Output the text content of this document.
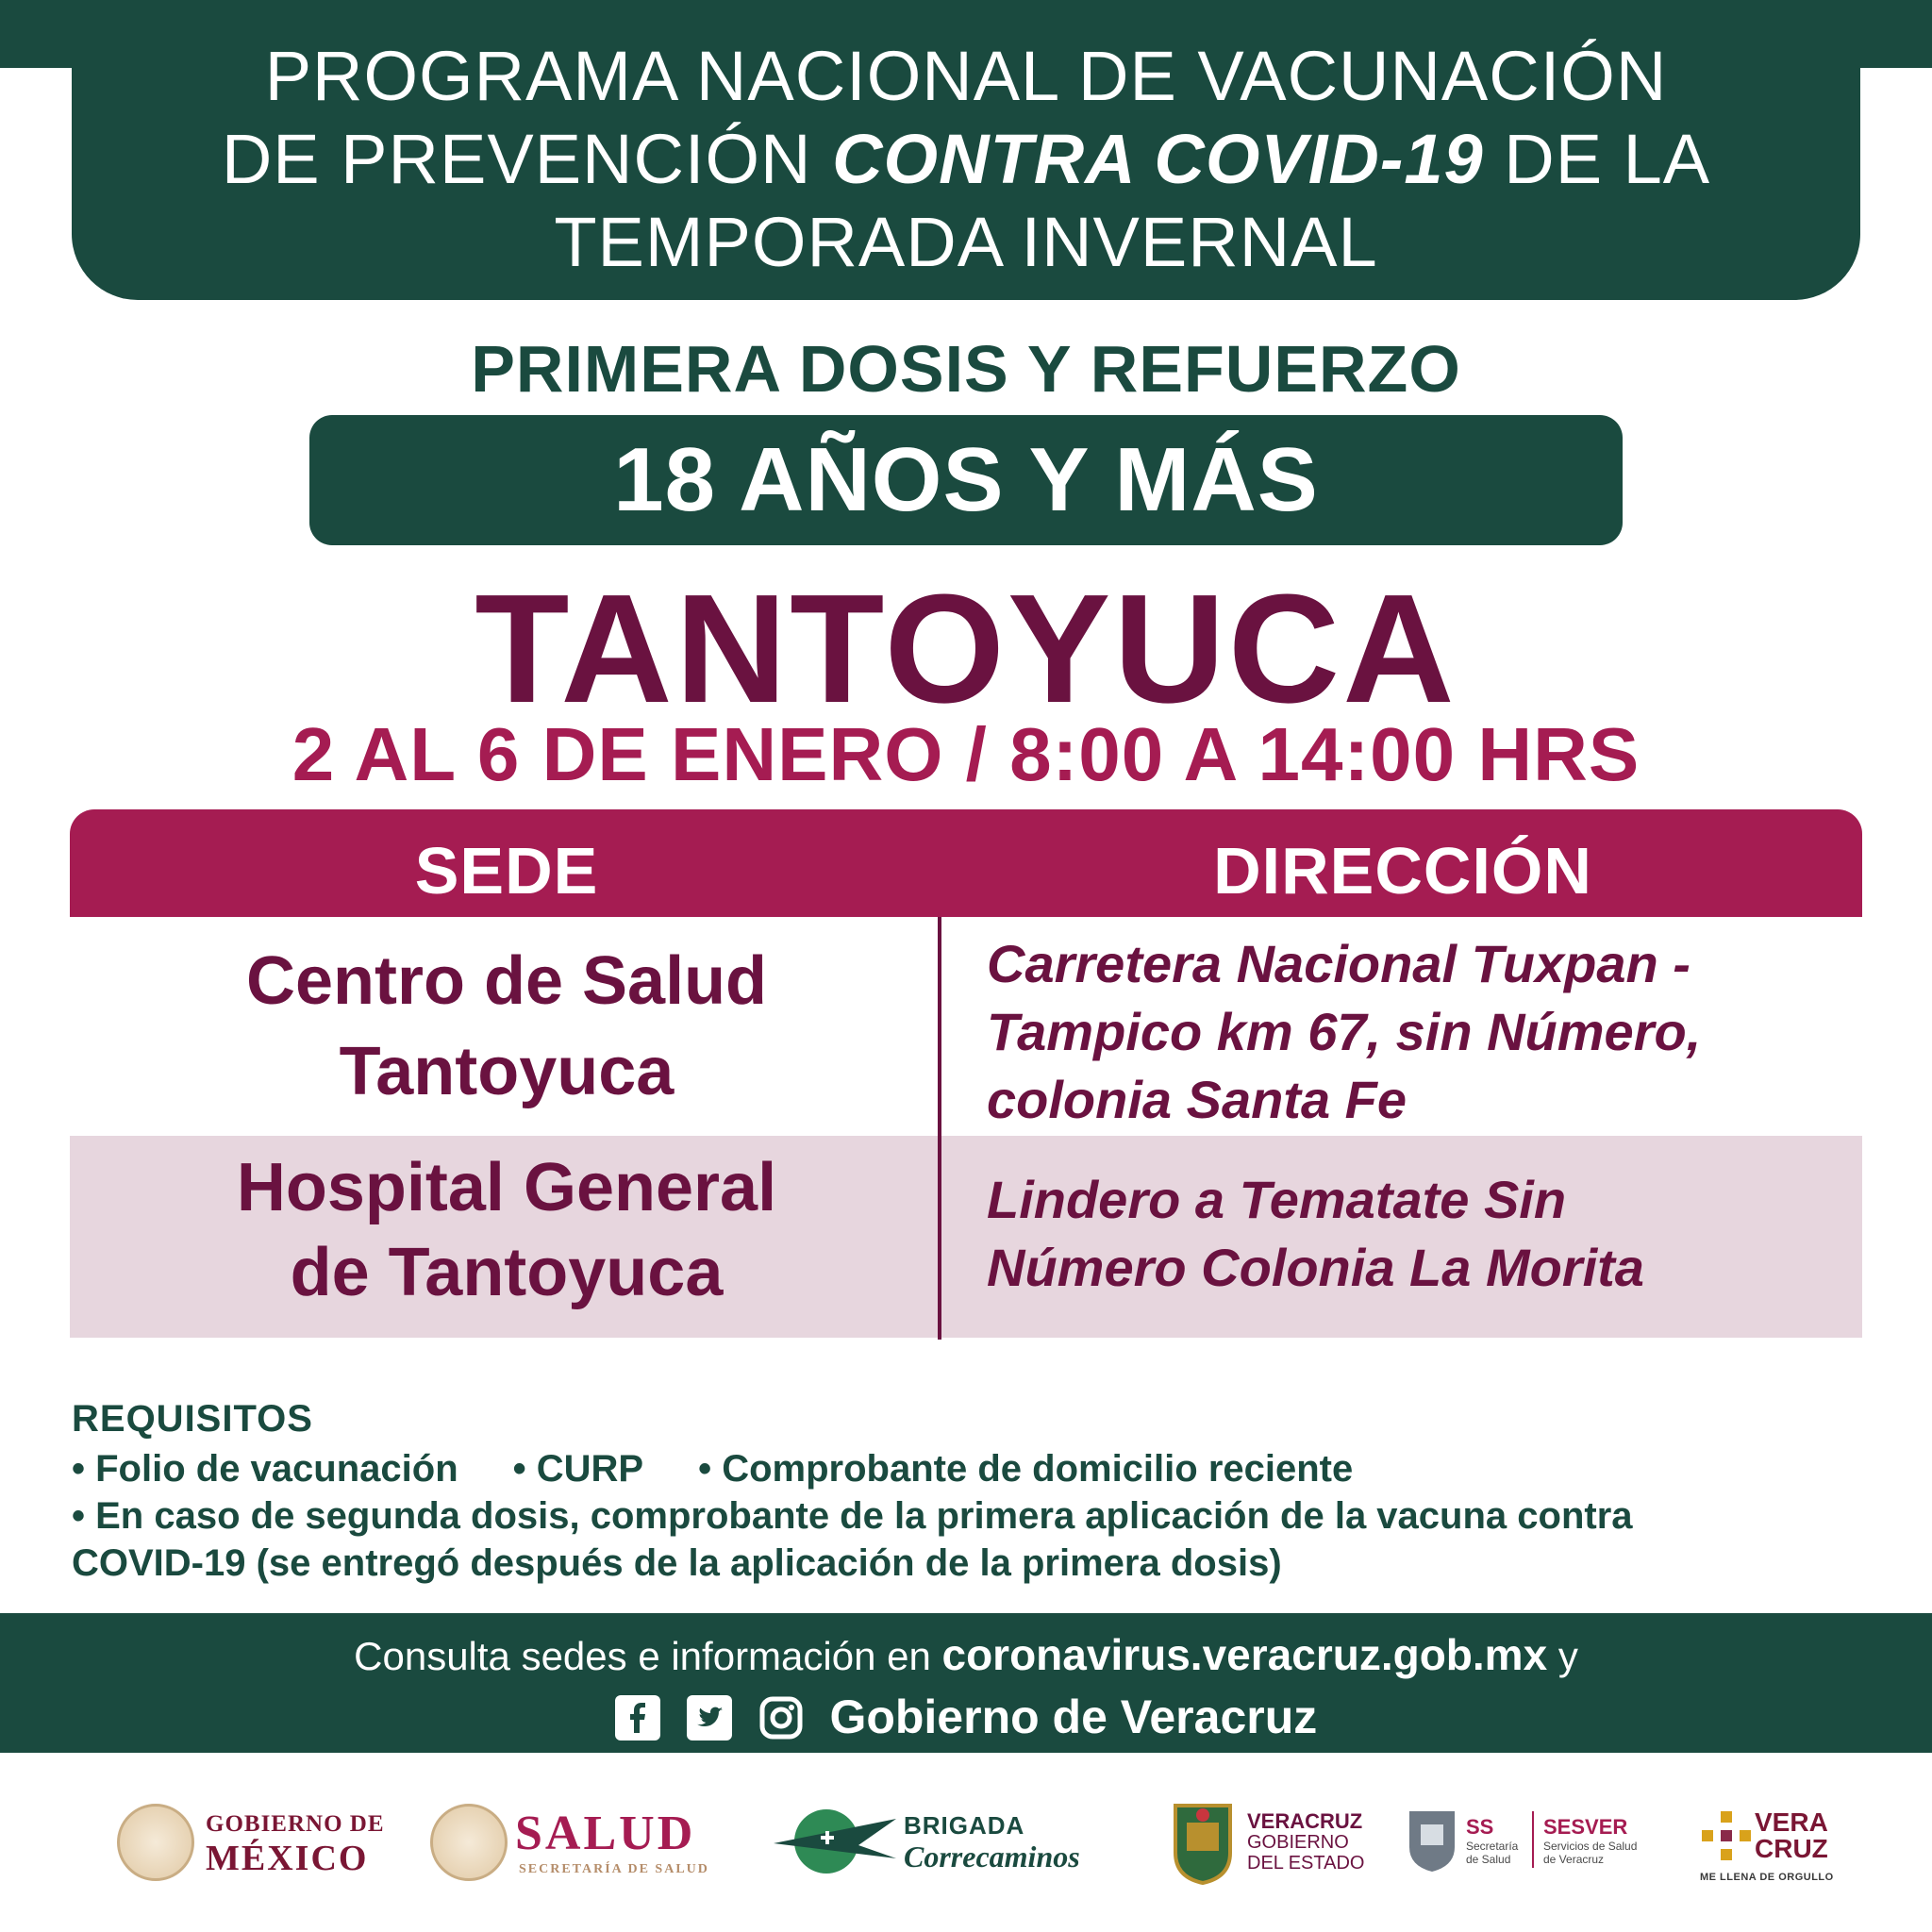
PROGRAMA NACIONAL DE VACUNACIÓN
DE PREVENCIÓN CONTRA COVID-19 DE LA
TEMPORADA INVERNAL
PRIMERA DOSIS Y REFUERZO
18 AÑOS Y MÁS
TANTOYUCA
2 AL 6 DE ENERO / 8:00 A 14:00 HRS
SEDE	DIRECCIÓN
Centro de Salud
Tantoyuca
Carretera Nacional Tuxpan -
Tampico km 67, sin Número,
colonia Santa Fe
Hospital General
de Tantoyuca
Lindero a Tematate Sin
Número Colonia La Morita
REQUISITOS
• Folio de vacunación • CURP • Comprobante de domicilio reciente
• En caso de segunda dosis, comprobante de la primera aplicación de la vacuna contra
COVID-19 (se entregó después de la aplicación de la primera dosis)
Consulta sedes e información en coronavirus.veracruz.gob.mx y

Gobierno de Veracruz
GOBIERNO DE
MÉXICO	SALUD
SECRETARÍA DE SALUD
BRIGADA
Correcaminos
VERACRUZ
GOBIERNO
DEL ESTADO
SS
Secretaría
de Salud
SESVER
Servicios de Salud
de Veracruz
VERA
CRUZ
ME LLENA DE ORGULLO
